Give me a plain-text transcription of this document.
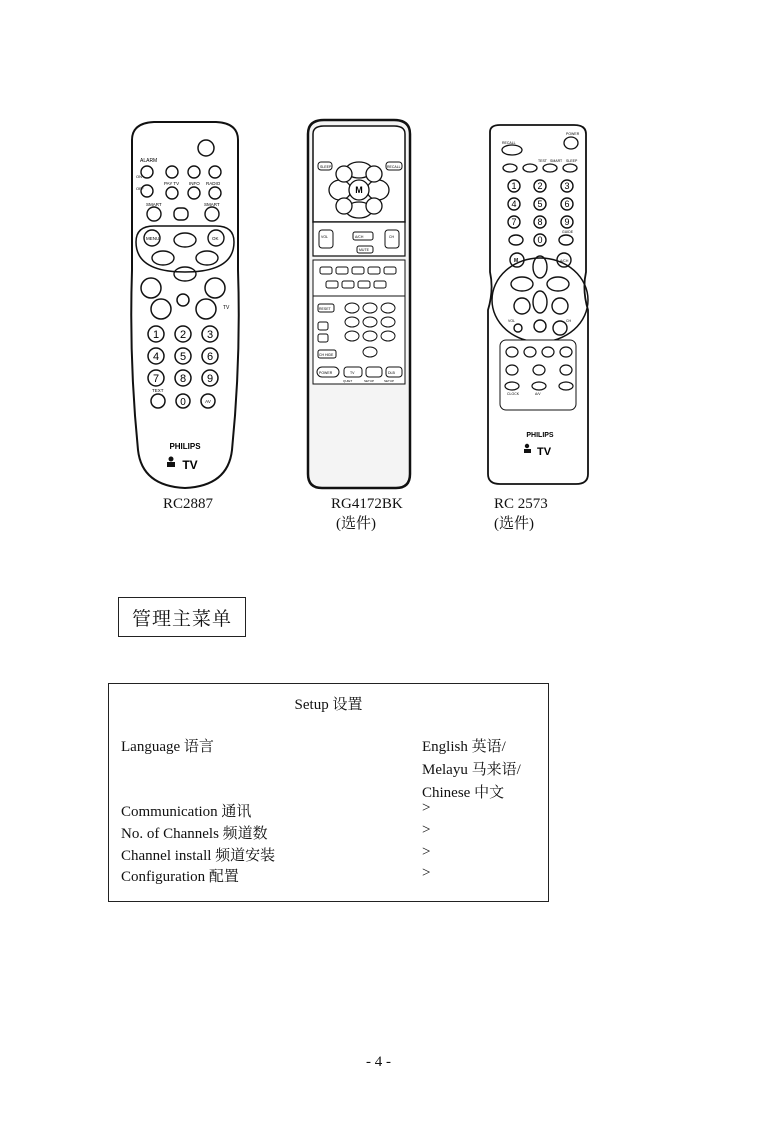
ALARM
ON
OFF
PAY TV INFO RADIO
SMART	SMART
MENU	OK
TV
1 2 3
4 5 6
7 8 9
0
TEXT
AV
PHILIPS
TV
RC2887
SLEEP	RECALL
M
VOL	A/CH	CH
MUTE
RESET
CH HIDE
POWER	TV	DLB
QUIET	SETUP	SETUP
RG4172BK
(选件)
POWER
RECALL
TEST SMART SLEEP
1 2 3
4 5 6
7 8 9
0
GUIDE
M	A/CH
VOL	CH
CLOCK	A/V
PHILIPS
TV
RC 2573
(选件)
管理主菜单
Setup 设置
Language 语言	English 英语/
Melayu 马来语/
Chinese 中文
Communication 通讯	>
No. of Channels 频道数	>
Channel install 频道安装	>
Configuration 配置	>
- 4 -
